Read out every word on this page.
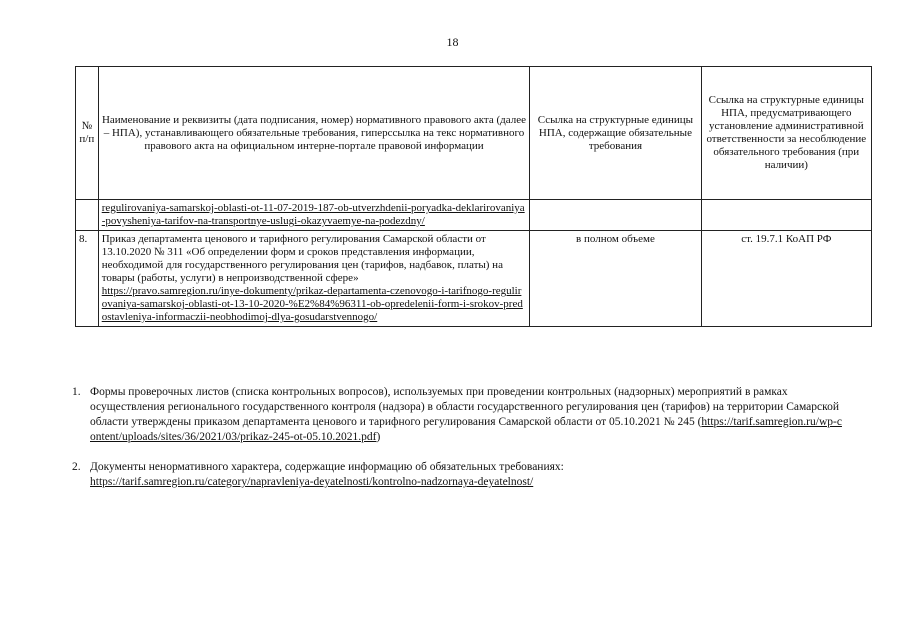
18
№ п/п	Наименование и реквизиты (дата подписания, номер) нормативного правового акта (далее – НПА), устанавливающего обязательные требования, гиперссылка на текс нормативного правового акта на официальном интерне-портале правовой информации	Ссылка на структурные единицы НПА, содержащие обязательные требования	Ссылка на структурные единицы НПА, предусматривающего установление административной ответственности за несоблюдение обязательного требования (при наличии)
	regulirovaniya-samarskoj-oblasti-ot-11-07-2019-187-ob-utverzhdenii-poryadka-deklarirovaniya-povysheniya-tarifov-na-transportnye-uslugi-okazyvaemye-na-podezdny/		
8.	Приказ департамента ценового и тарифного регулирования Самарской области от 13.10.2020 № 311 «Об определении форм и сроков представления информации, необходимой для государственного регулирования цен (тарифов, надбавок, платы) на товары (работы, услуги) в непроизводственной сфере»
https://pravo.samregion.ru/inye-dokumenty/prikaz-departamenta-czenovogo-i-tarifnogo-regulirovaniya-samarskoj-oblasti-ot-13-10-2020-%E2%84%96311-ob-opredelenii-form-i-srokov-predostavleniya-informaczii-neobhodimoj-dlya-gosudarstvennogo/	в полном объеме	ст. 19.7.1 КоАП РФ
1. Формы проверочных листов (списка контрольных вопросов), используемых при проведении контрольных (надзорных) мероприятий в рамках осуществления регионального государственного контроля (надзора) в области государственного регулирования цен (тарифов) на территории Самарской области утверждены приказом департамента ценового и тарифного регулирования Самарской области от 05.10.2021 № 245 (https://tarif.samregion.ru/wp-content/uploads/sites/36/2021/03/prikaz-245-ot-05.10.2021.pdf)
2. Документы ненормативного характера, содержащие информацию об обязательных требованиях:
https://tarif.samregion.ru/category/napravleniya-deyatelnosti/kontrolno-nadzornaya-deyatelnost/
